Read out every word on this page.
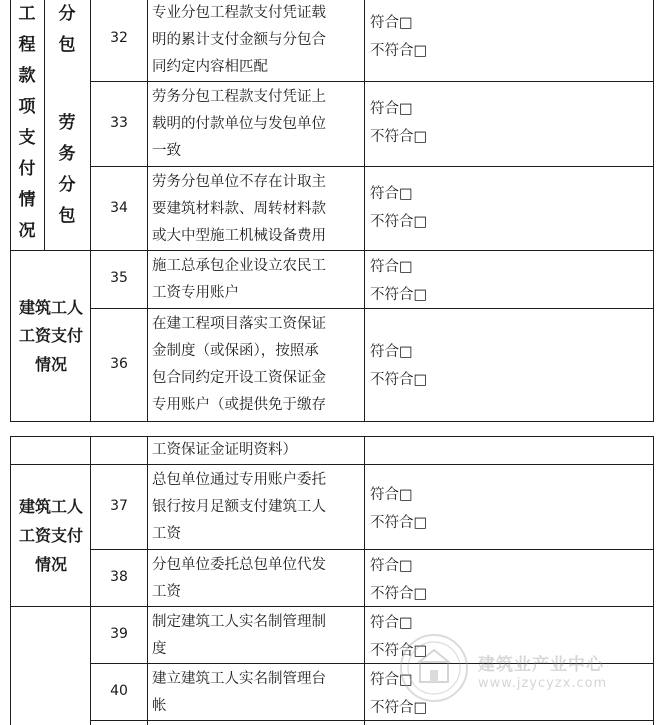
工
程
款
项
支
付
情
况
分
包
劳
务
分
包
建筑工人
工资支付
情况
32
专业分包工程款支付凭证载
明的累计支付金额与分包合
同约定内容相匹配
符合□
不符合□
33
劳务分包工程款支付凭证上
载明的付款单位与发包单位
一致
符合□
不符合□
34
劳务分包单位不存在计取主
要建筑材料款、周转材料款
或大中型施工机械设备费用
符合□
不符合□
35
施工总承包企业设立农民工
工资专用账户
符合□
不符合□
36
在建工程项目落实工资保证
金制度（或保函），按照承
包合同约定开设工资保证金
专用账户（或提供免于缴存
符合□
不符合□
工资保证金证明资料）
建筑工人
工资支付
情况
37
总包单位通过专用账户委托
银行按月足额支付建筑工人
工资
符合□
不符合□
38
分包单位委托总包单位代发
工资
符合□
不符合□
39
制定建筑工人实名制管理制
度
符合□
不符合□
40
建立建筑工人实名制管理台
帐
符合□
不符合□
建筑业产业中心
www.jzycyzx.com
